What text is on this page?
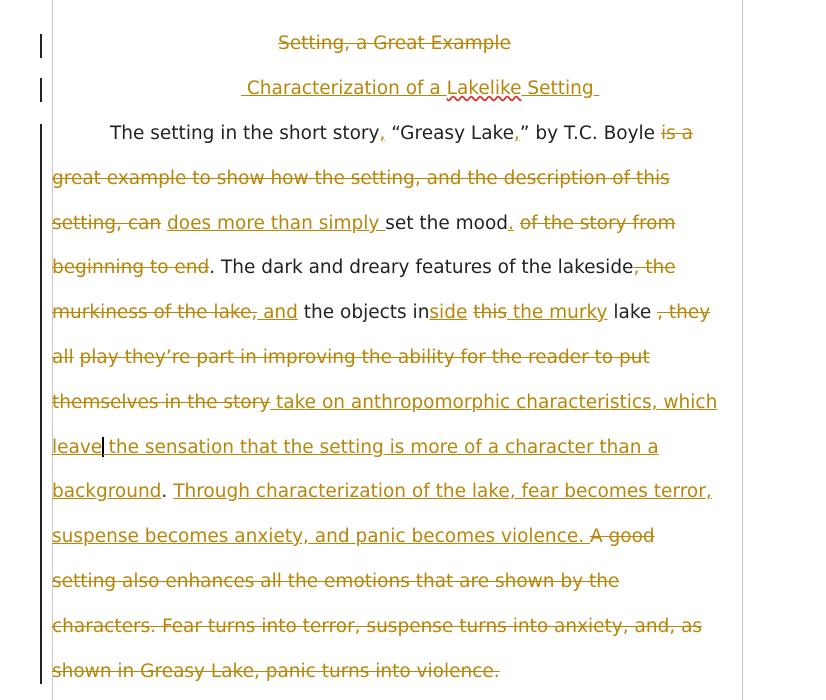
Setting, a Great Example
Characterization of a Lakelike Setting
The setting in the short story, “Greasy Lake,” by T.C. Boyle is a
great example to show how the setting, and the description of this
setting, can does more than simply set the mood. of the story from
beginning to end. The dark and dreary features of the lakeside, the
murkiness of the lake, and the objects inside this the murky lake , they
all play they’re part in improving the ability for the reader to put
themselves in the story take on anthropomorphic characteristics, which
leave the sensation that the setting is more of a character than a
background. Through characterization of the lake, fear becomes terror,
suspense becomes anxiety, and panic becomes violence. A good
setting also enhances all the emotions that are shown by the
characters. Fear turns into terror, suspense turns into anxiety, and, as
shown in Greasy Lake, panic turns into violence.
